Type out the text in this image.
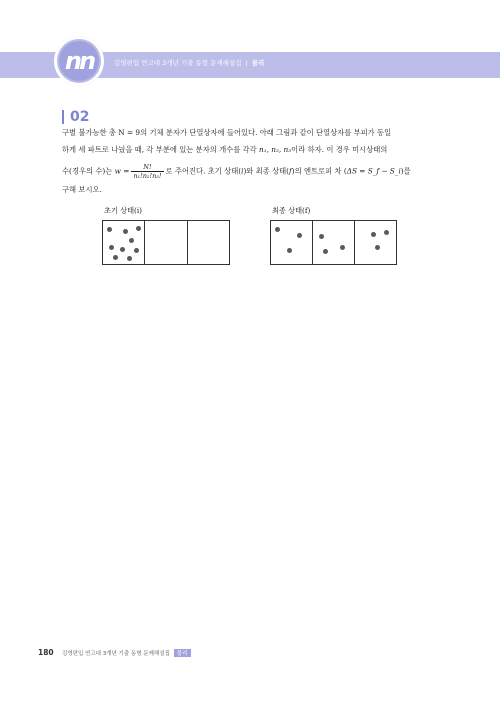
n n	김영편입 연고대 3개년 기출 동형 문제해설집 | 물리
02
구별 불가능한 총 N = 9의 기체 분자가 단열상자에 들어있다. 아래 그림과 같이 단열상자를 부피가 동일
하게 세 파트로 나눴을 때, 각 부분에 있는 분자의 개수를 각각 n₁, n₂, n₃이라 하자. 이 경우 미시상태의
수(경우의 수)는 $w = \frac{N!}{\text{n₁!n₂!n₃!}}$ 로 주어진다. 초기 상태(i)와 최종 상태(f)의 엔트로피 차 (ΔS = S_f − S_i)를
구해 보시오.
초기 상태(i)	최종 상태(f)
180 김영편입 연고대 3개년 기출 동형 문제해설집 물리
